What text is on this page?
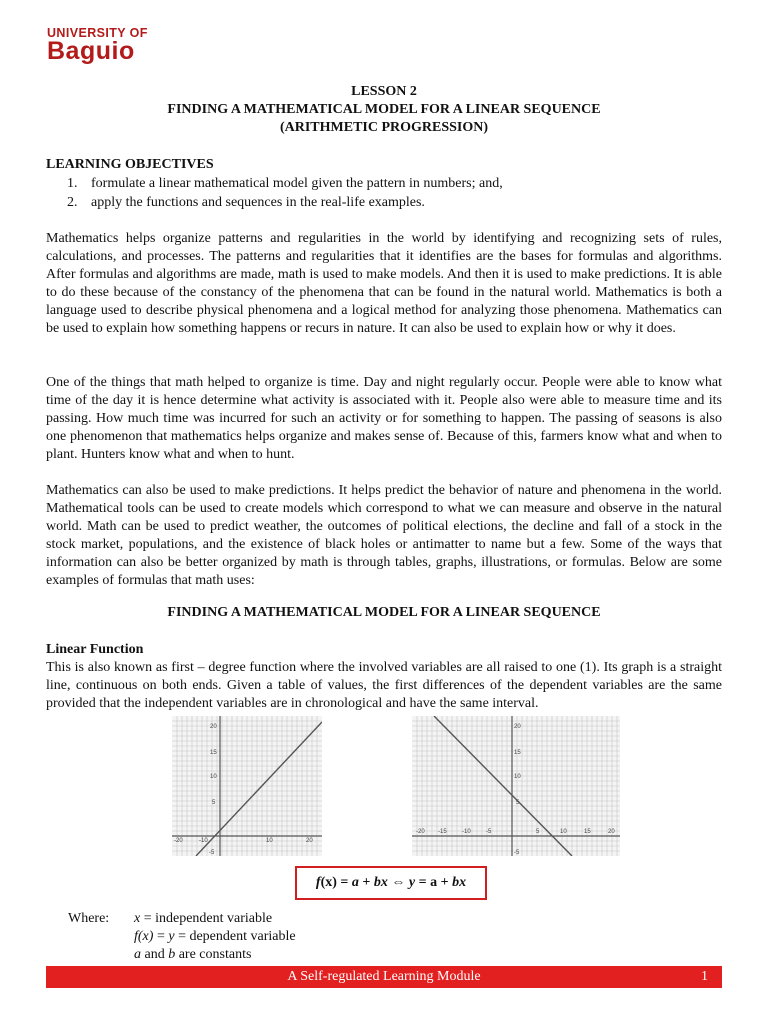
UNIVERSITY OF
Baguio
LESSON 2
FINDING A MATHEMATICAL MODEL FOR A LINEAR SEQUENCE
(ARITHMETIC PROGRESSION)
LEARNING OBJECTIVES
1. formulate a linear mathematical model given the pattern in numbers; and,
2. apply the functions and sequences in the real-life examples.

Mathematics helps organize patterns and regularities in the world by identifying and recognizing sets of rules, calculations, and processes. The patterns and regularities that it identifies are the bases for formulas and algorithms. After formulas and algorithms are made, math is used to make models. And then it is used to make predictions. It is able to do these because of the constancy of the phenomena that can be found in the natural world. Mathematics is both a language used to describe physical phenomena and a logical method for analyzing those phenomena. Mathematics can be used to explain how something happens or recurs in nature. It can also be used to explain how or why it does.

One of the things that math helped to organize is time. Day and night regularly occur. People were able to know what time of the day it is hence determine what activity is associated with it. People also were able to measure time and its passing. How much time was incurred for such an activity or for something to happen. The passing of seasons is also one phenomenon that mathematics helps organize and makes sense of. Because of this, farmers know what and when to plant. Hunters know what and when to hunt.

Mathematics can also be used to make predictions. It helps predict the behavior of nature and phenomena in the world. Mathematical tools can be used to create models which correspond to what we can measure and observe in the natural world. Math can be used to predict weather, the outcomes of political elections, the decline and fall of a stock in the stock market, populations, and the existence of black holes or antimatter to name but a few. Some of the ways that information can also be better organized by math is through tables, graphs, illustrations, or formulas. Below are some examples of formulas that math uses:

FINDING A MATHEMATICAL MODEL FOR A LINEAR SEQUENCE
Linear Function

This is also known as first – degree function where the involved variables are all raised to one (1). Its graph is a straight line, continuous on both ends. Given a table of values, the first differences of the dependent variables are the same provided that the independent variables are in chronological and have the same interval.

-20	-10	10	20
20
15
10
5
-5
-20 -15	-10	-5	5	10	15	20
20
15
10
5
-5
f(x) = a + bx ⇔ y = a + bx
Where: x = independent variable
f(x) = y = dependent variable
a and b are constants
A Self-regulated Learning Module	1
